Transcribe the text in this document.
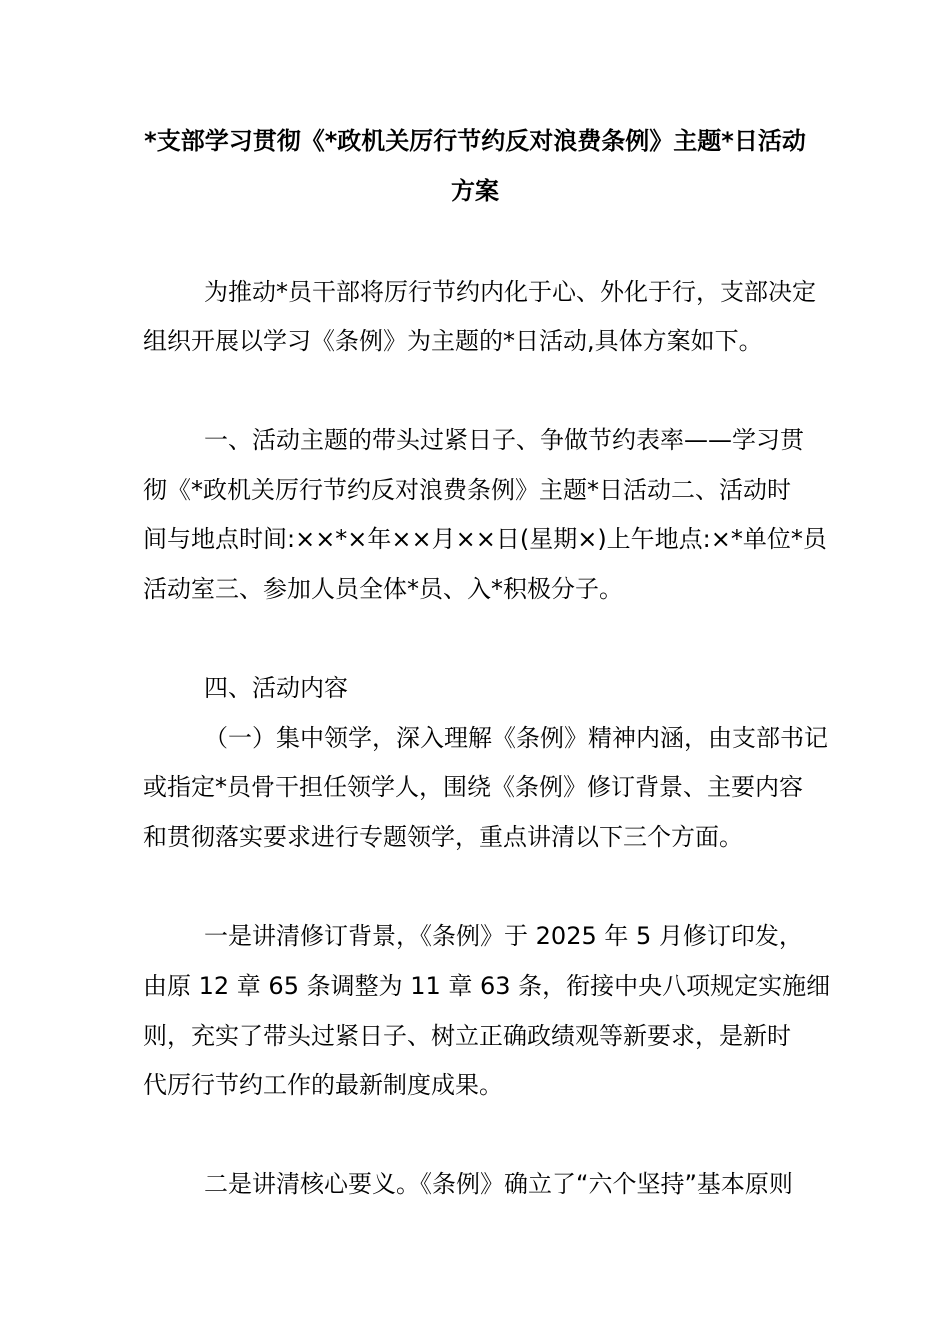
*支部学习贯彻《*政机关厉行节约反对浪费条例》主题*日活动
方案
为推动*员干部将厉行节约内化于心、外化于行，支部决定
组织开展以学习《条例》为主题的*日活动,具体方案如下。
一、活动主题的带头过紧日子、争做节约表率——学习贯
彻《*政机关厉行节约反对浪费条例》主题*日活动二、活动时
间与地点时间:××*×年××月××日(星期×)上午地点:×*单位*员
活动室三、参加人员全体*员、入*积极分子。
四、活动内容
（一）集中领学，深入理解《条例》精神内涵，由支部书记
或指定*员骨干担任领学人，围绕《条例》修订背景、主要内容
和贯彻落实要求进行专题领学，重点讲清以下三个方面。
一是讲清修订背景，《条例》于 2025 年 5 月修订印发，
由原 12 章 65 条调整为 11 章 63 条，衔接中央八项规定实施细
则，充实了带头过紧日子、树立正确政绩观等新要求，是新时
代厉行节约工作的最新制度成果。
二是讲清核心要义。《条例》确立了“六个坚持”基本原则
